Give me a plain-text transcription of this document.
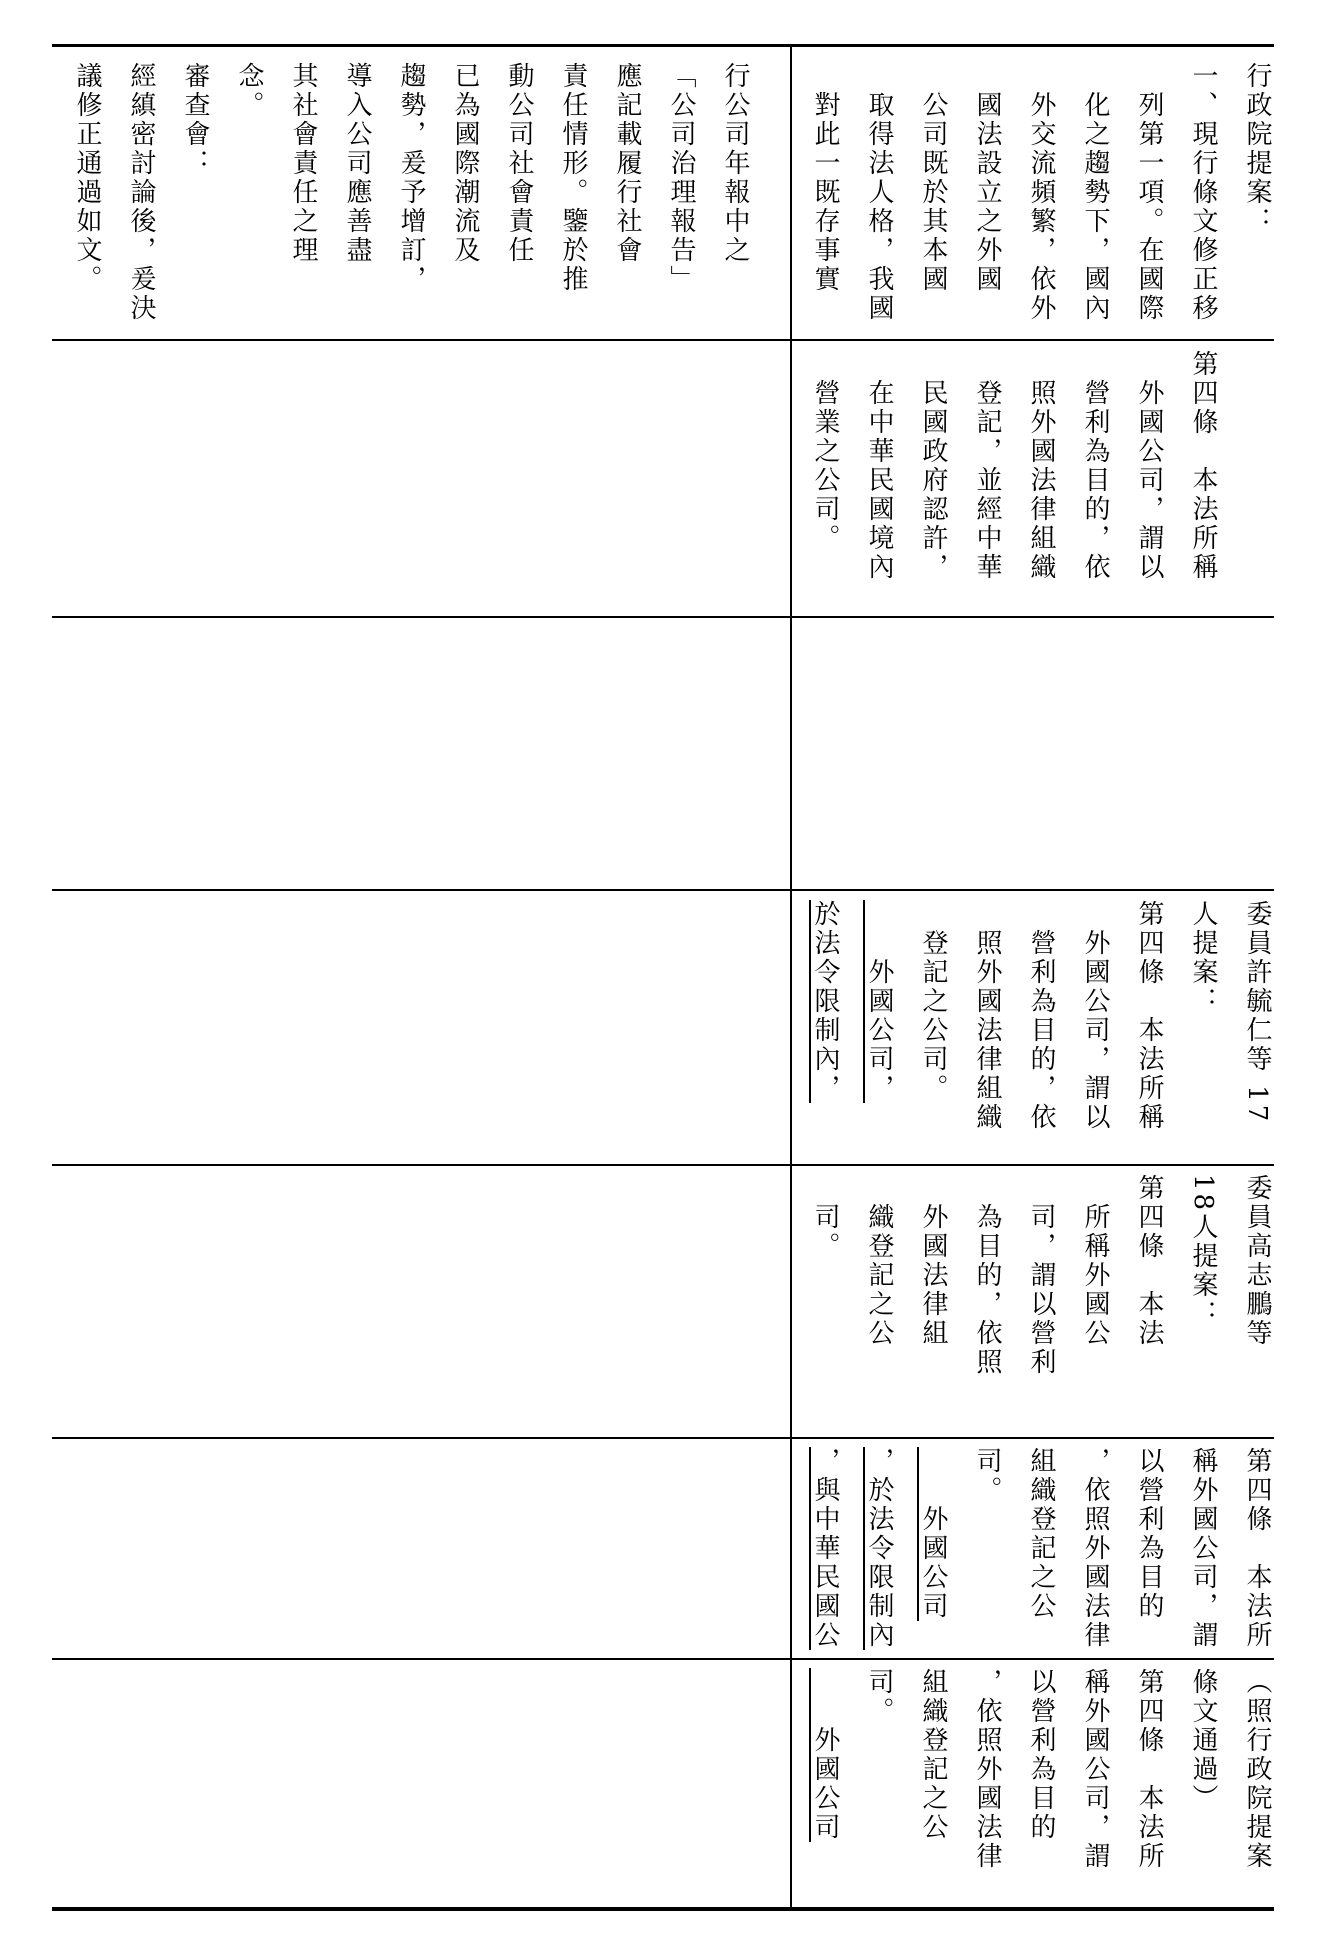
行公司年報中之
「公司治理報告」
應記載履行社會
責任情形。鑒於推
動公司社會責任
已為國際潮流及
趨勢，爰予增訂，
導入公司應善盡
其社會責任之理
念。
審查會：
經縝密討論後，爰決
議修正通過如文。	行政院提案：
一、現行條文修正移
　列第一項。在國際
　化之趨勢下，國內
　外交流頻繁，依外
　國法設立之外國
　公司既於其本國
　取得法人格，我國
　對此一既存事實
第四條　本法所稱
　外國公司，謂以
　營利為目的，依
　照外國法律組織
　登記，並經中華
　民國政府認許，
　在中華民國境內
　營業之公司。
委員許毓仁等 17
人提案：
第四條　本法所稱
　外國公司，謂以
　營利為目的，依
　照外國法律組織
　登記之公司。
　　外國公司，
於法令限制內，
委員高志鵬等
18人提案：
第四條　本法
　所稱外國公
　司，謂以營利
　為目的，依照
　外國法律組
　織登記之公
　司。
第四條　本法所
稱外國公司，謂
以營利為目的
，依照外國法律
組織登記之公
司。
　　外國公司
，於法令限制內
，與中華民國公
（照行政院提案
條文通過）
第四條　本法所
稱外國公司，謂
以營利為目的
，依照外國法律
組織登記之公
司。
　　外國公司
